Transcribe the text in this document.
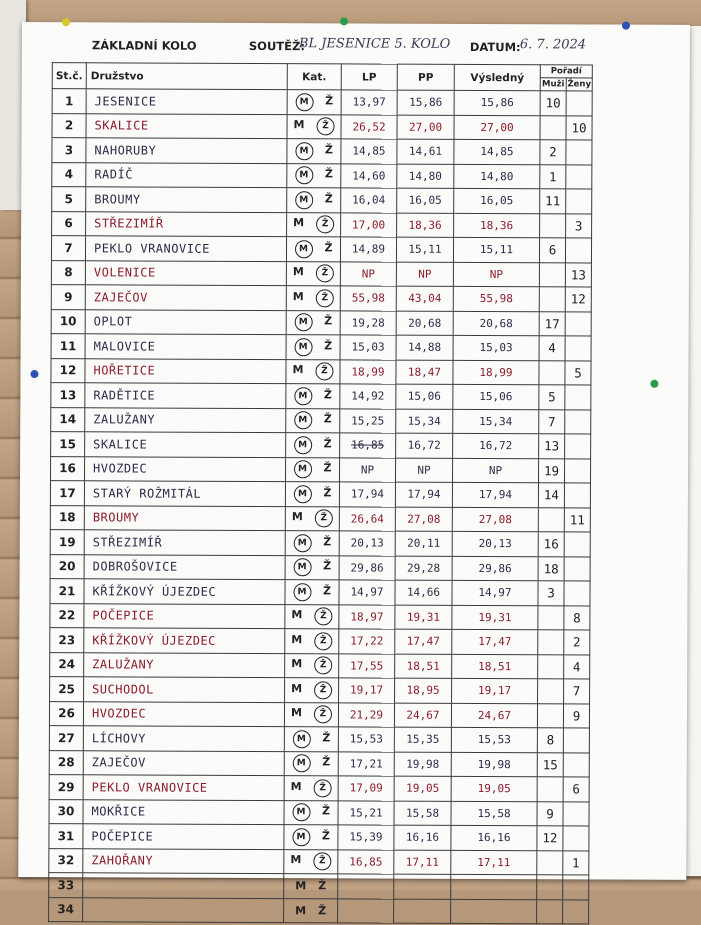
ZÁKLADNÍ KOLO	SOUTĚŽ:
BL JESENICE 5. KOLO DATUM: 6. 7. 2024
St.č.	Družstvo	Kat.	LP	PP	Výsledný	Pořadí	
						Muži	Ženy
1	JESENICE	M Ž	13,97	15,86	15,86	10	
2	SKALICE	M Ž	26,52	27,00	27,00		10
3	NAHORUBY	M Ž	14,85	14,61	14,85	2	
4	RADÍČ	M Ž	14,60	14,80	14,80	1	
5	BROUMY	M Ž	16,04	16,05	16,05	11	
6	STŘEZIMÍŘ	M Ž	17,00	18,36	18,36		3
7	PEKLO VRANOVICE	M Ž	14,89	15,11	15,11	6	
8	VOLENICE	M Ž	NP	NP	NP		13
9	ZAJEČOV	M Ž	55,98	43,04	55,98		12
10	OPLOT	M Ž	19,28	20,68	20,68	17	
11	MALOVICE	M Ž	15,03	14,88	15,03	4	
12	HOŘETICE	M Ž	18,99	18,47	18,99		5
13	RADĚTICE	M Ž	14,92	15,06	15,06	5	
14	ZALUŽANY	M Ž	15,25	15,34	15,34	7	
15	SKALICE	M Ž	16,85	16,72	16,72	13	
16	HVOZDEC	M Ž	NP	NP	NP	19	
17	STARÝ ROŽMITÁL	M Ž	17,94	17,94	17,94	14	
18	BROUMY	M Ž	26,64	27,08	27,08		11
19	STŘEZIMÍŘ	M Ž	20,13	20,11	20,13	16	
20	DOBROŠOVICE	M Ž	29,86	29,28	29,86	18	
21	KŘÍŽKOVÝ ÚJEZDEC	M Ž	14,97	14,66	14,97	3	
22	POČEPICE	M Ž	18,97	19,31	19,31		8
23	KŘÍŽKOVÝ ÚJEZDEC	M Ž	17,22	17,47	17,47		2
24	ZALUŽANY	M Ž	17,55	18,51	18,51		4
25	SUCHODOL	M Ž	19,17	18,95	19,17		7
26	HVOZDEC	M Ž	21,29	24,67	24,67		9
27	LÍCHOVY	M Ž	15,53	15,35	15,53	8	
28	ZAJEČOV	M Ž	17,21	19,98	19,98	15	
29	PEKLO VRANOVICE	M Ž	17,09	19,05	19,05		6
30	MOKŘICE	M Ž	15,21	15,58	15,58	9	
31	POČEPICE	M Ž	15,39	16,16	16,16	12	
32	ZAHOŘANY	M Ž	16,85	17,11	17,11		1
33		M Ž					
34		M Ž					
